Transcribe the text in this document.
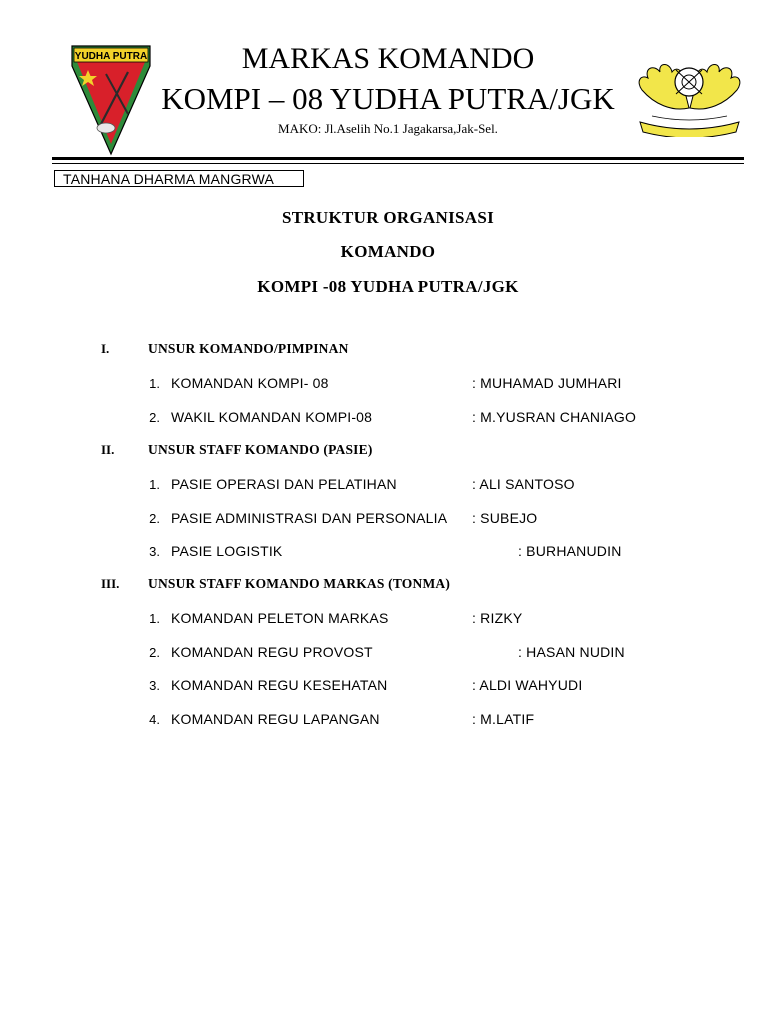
YUDHA PUTRA	MARKAS KOMANDO
KOMPI – 08 YUDHA PUTRA/JGK
MAKO: Jl.Aselih No.1 Jagakarsa,Jak-Sel.
TANHANA DHARMA MANGRWA
STRUKTUR ORGANISASI
KOMANDO
KOMPI -08 YUDHA PUTRA/JGK
I.	UNSUR KOMANDO/PIMPINAN
1. KOMANDAN KOMPI- 08	: MUHAMAD JUMHARI
2. WAKIL KOMANDAN KOMPI-08	: M.YUSRAN CHANIAGO
II. UNSUR STAFF KOMANDO (PASIE)
1. PASIE OPERASI DAN PELATIHAN	: ALI SANTOSO
2. PASIE ADMINISTRASI DAN PERSONALIA : SUBEJO
3. PASIE LOGISTIK	: BURHANUDIN
III. UNSUR STAFF KOMANDO MARKAS (TONMA)
1. KOMANDAN PELETON MARKAS	: RIZKY
2. KOMANDAN REGU PROVOST	: HASAN NUDIN
3. KOMANDAN REGU KESEHATAN	: ALDI WAHYUDI
4. KOMANDAN REGU LAPANGAN	: M.LATIF
